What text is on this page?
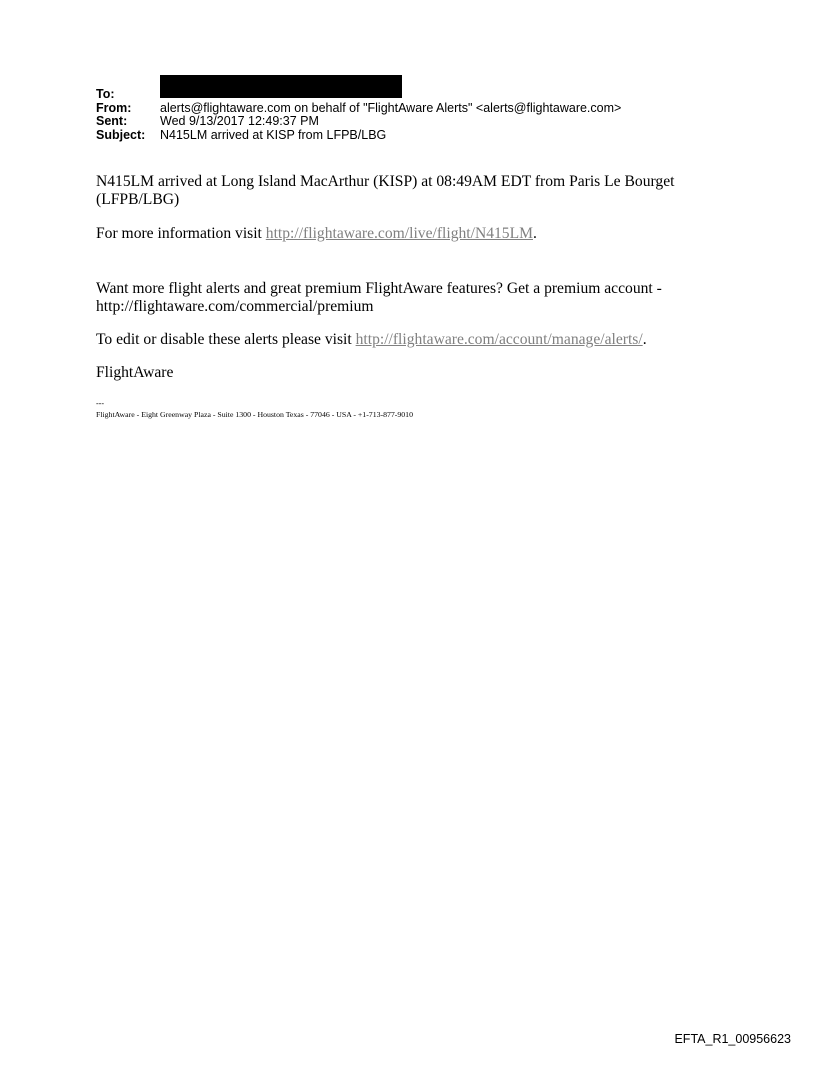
To:
From:	alerts@flightaware.com on behalf of "FlightAware Alerts" <alerts@flightaware.com>
Sent:	Wed 9/13/2017 12:49:37 PM
Subject:	N415LM arrived at KISP from LFPB/LBG

N415LM arrived at Long Island MacArthur (KISP) at 08:49AM EDT from Paris Le Bourget (LFPB/LBG)

For more information visit http://flightaware.com/live/flight/N415LM.

Want more flight alerts and great premium FlightAware features? Get a premium account - http://flightaware.com/commercial/premium

To edit or disable these alerts please visit http://flightaware.com/account/manage/alerts/.

FlightAware

---
FlightAware - Eight Greenway Plaza - Suite 1300 - Houston Texas - 77046 - USA - +1-713-877-9010
EFTA_R1_00956623
